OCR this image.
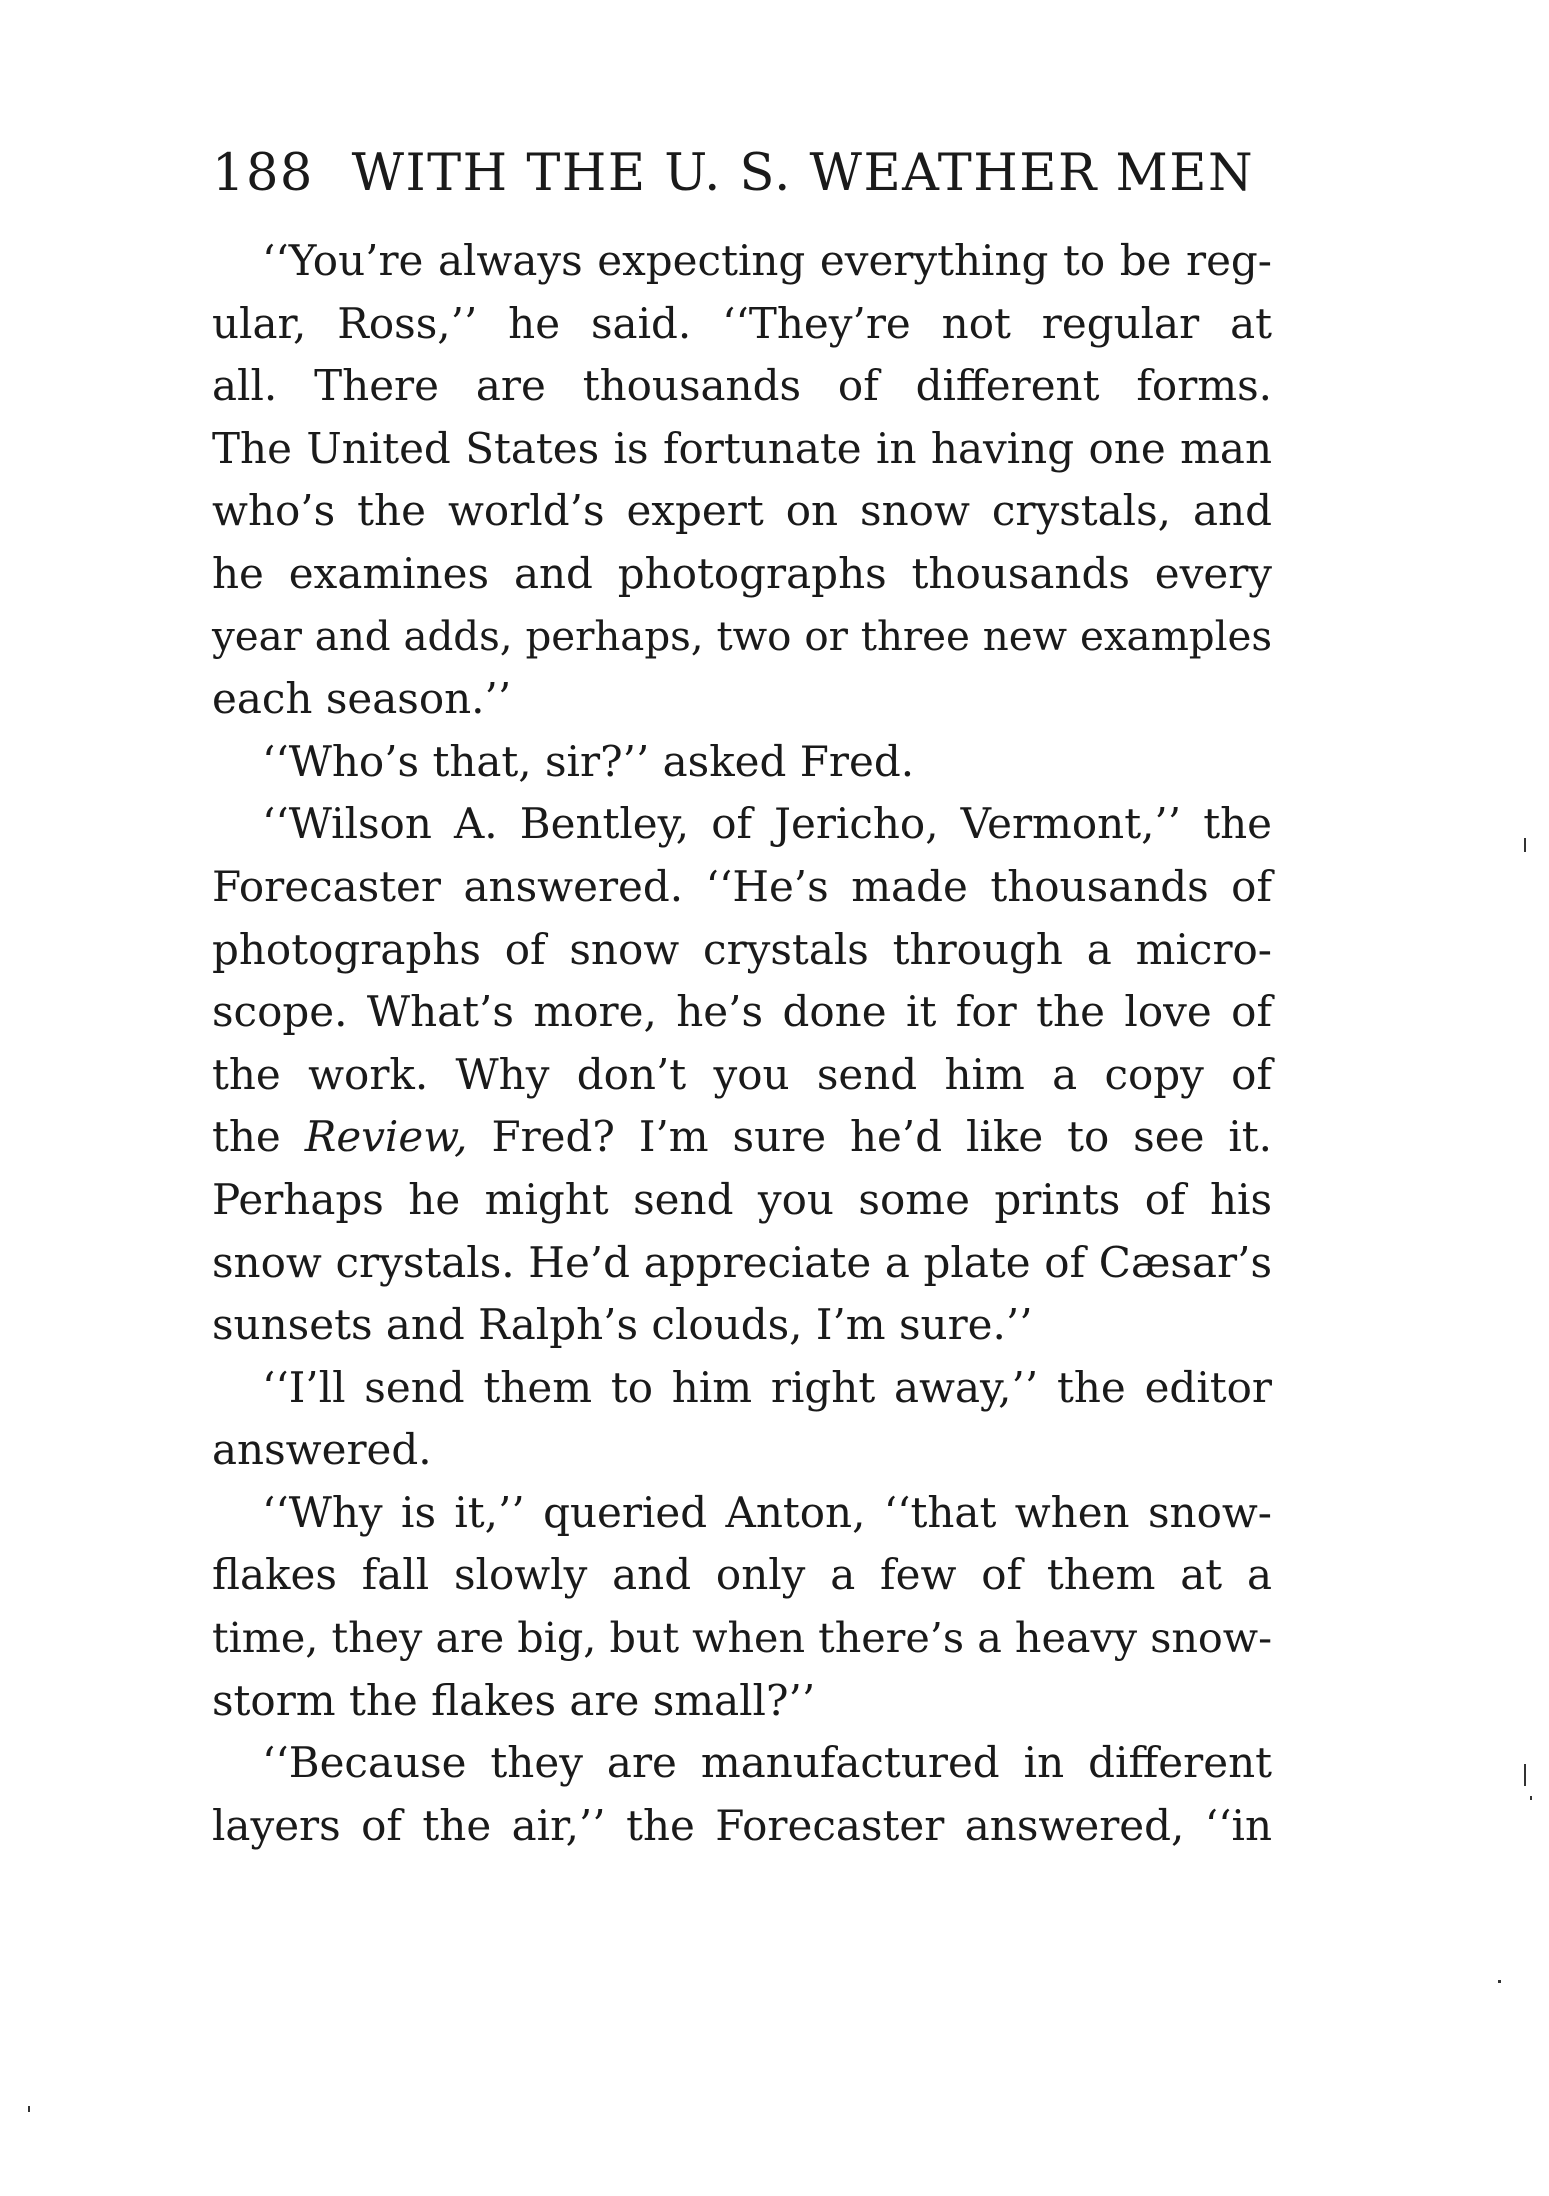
188 WITH THE U. S. WEATHER MEN
‘‘You’re always expecting everything to be reg-
ular, Ross,’’ he said. ‘‘They’re not regular at
all. There are thousands of different forms.
The United States is fortunate in having one man
who’s the world’s expert on snow crystals, and
he examines and photographs thousands every
year and adds, perhaps, two or three new examples
each season.’’
‘‘Who’s that, sir?’’ asked Fred.
‘‘Wilson A. Bentley, of Jericho, Vermont,’’ the
Forecaster answered. ‘‘He’s made thousands of
photographs of snow crystals through a micro-
scope. What’s more, he’s done it for the love of
the work. Why don’t you send him a copy of
the Review, Fred? I’m sure he’d like to see it.
Perhaps he might send you some prints of his
snow crystals. He’d appreciate a plate of Cæsar’s
sunsets and Ralph’s clouds, I’m sure.’’
‘‘I’ll send them to him right away,’’ the editor
answered.
‘‘Why is it,’’ queried Anton, ‘‘that when snow-
flakes fall slowly and only a few of them at a
time, they are big, but when there’s a heavy snow-
storm the flakes are small?’’
‘‘Because they are manufactured in different
layers of the air,’’ the Forecaster answered, ‘‘in
